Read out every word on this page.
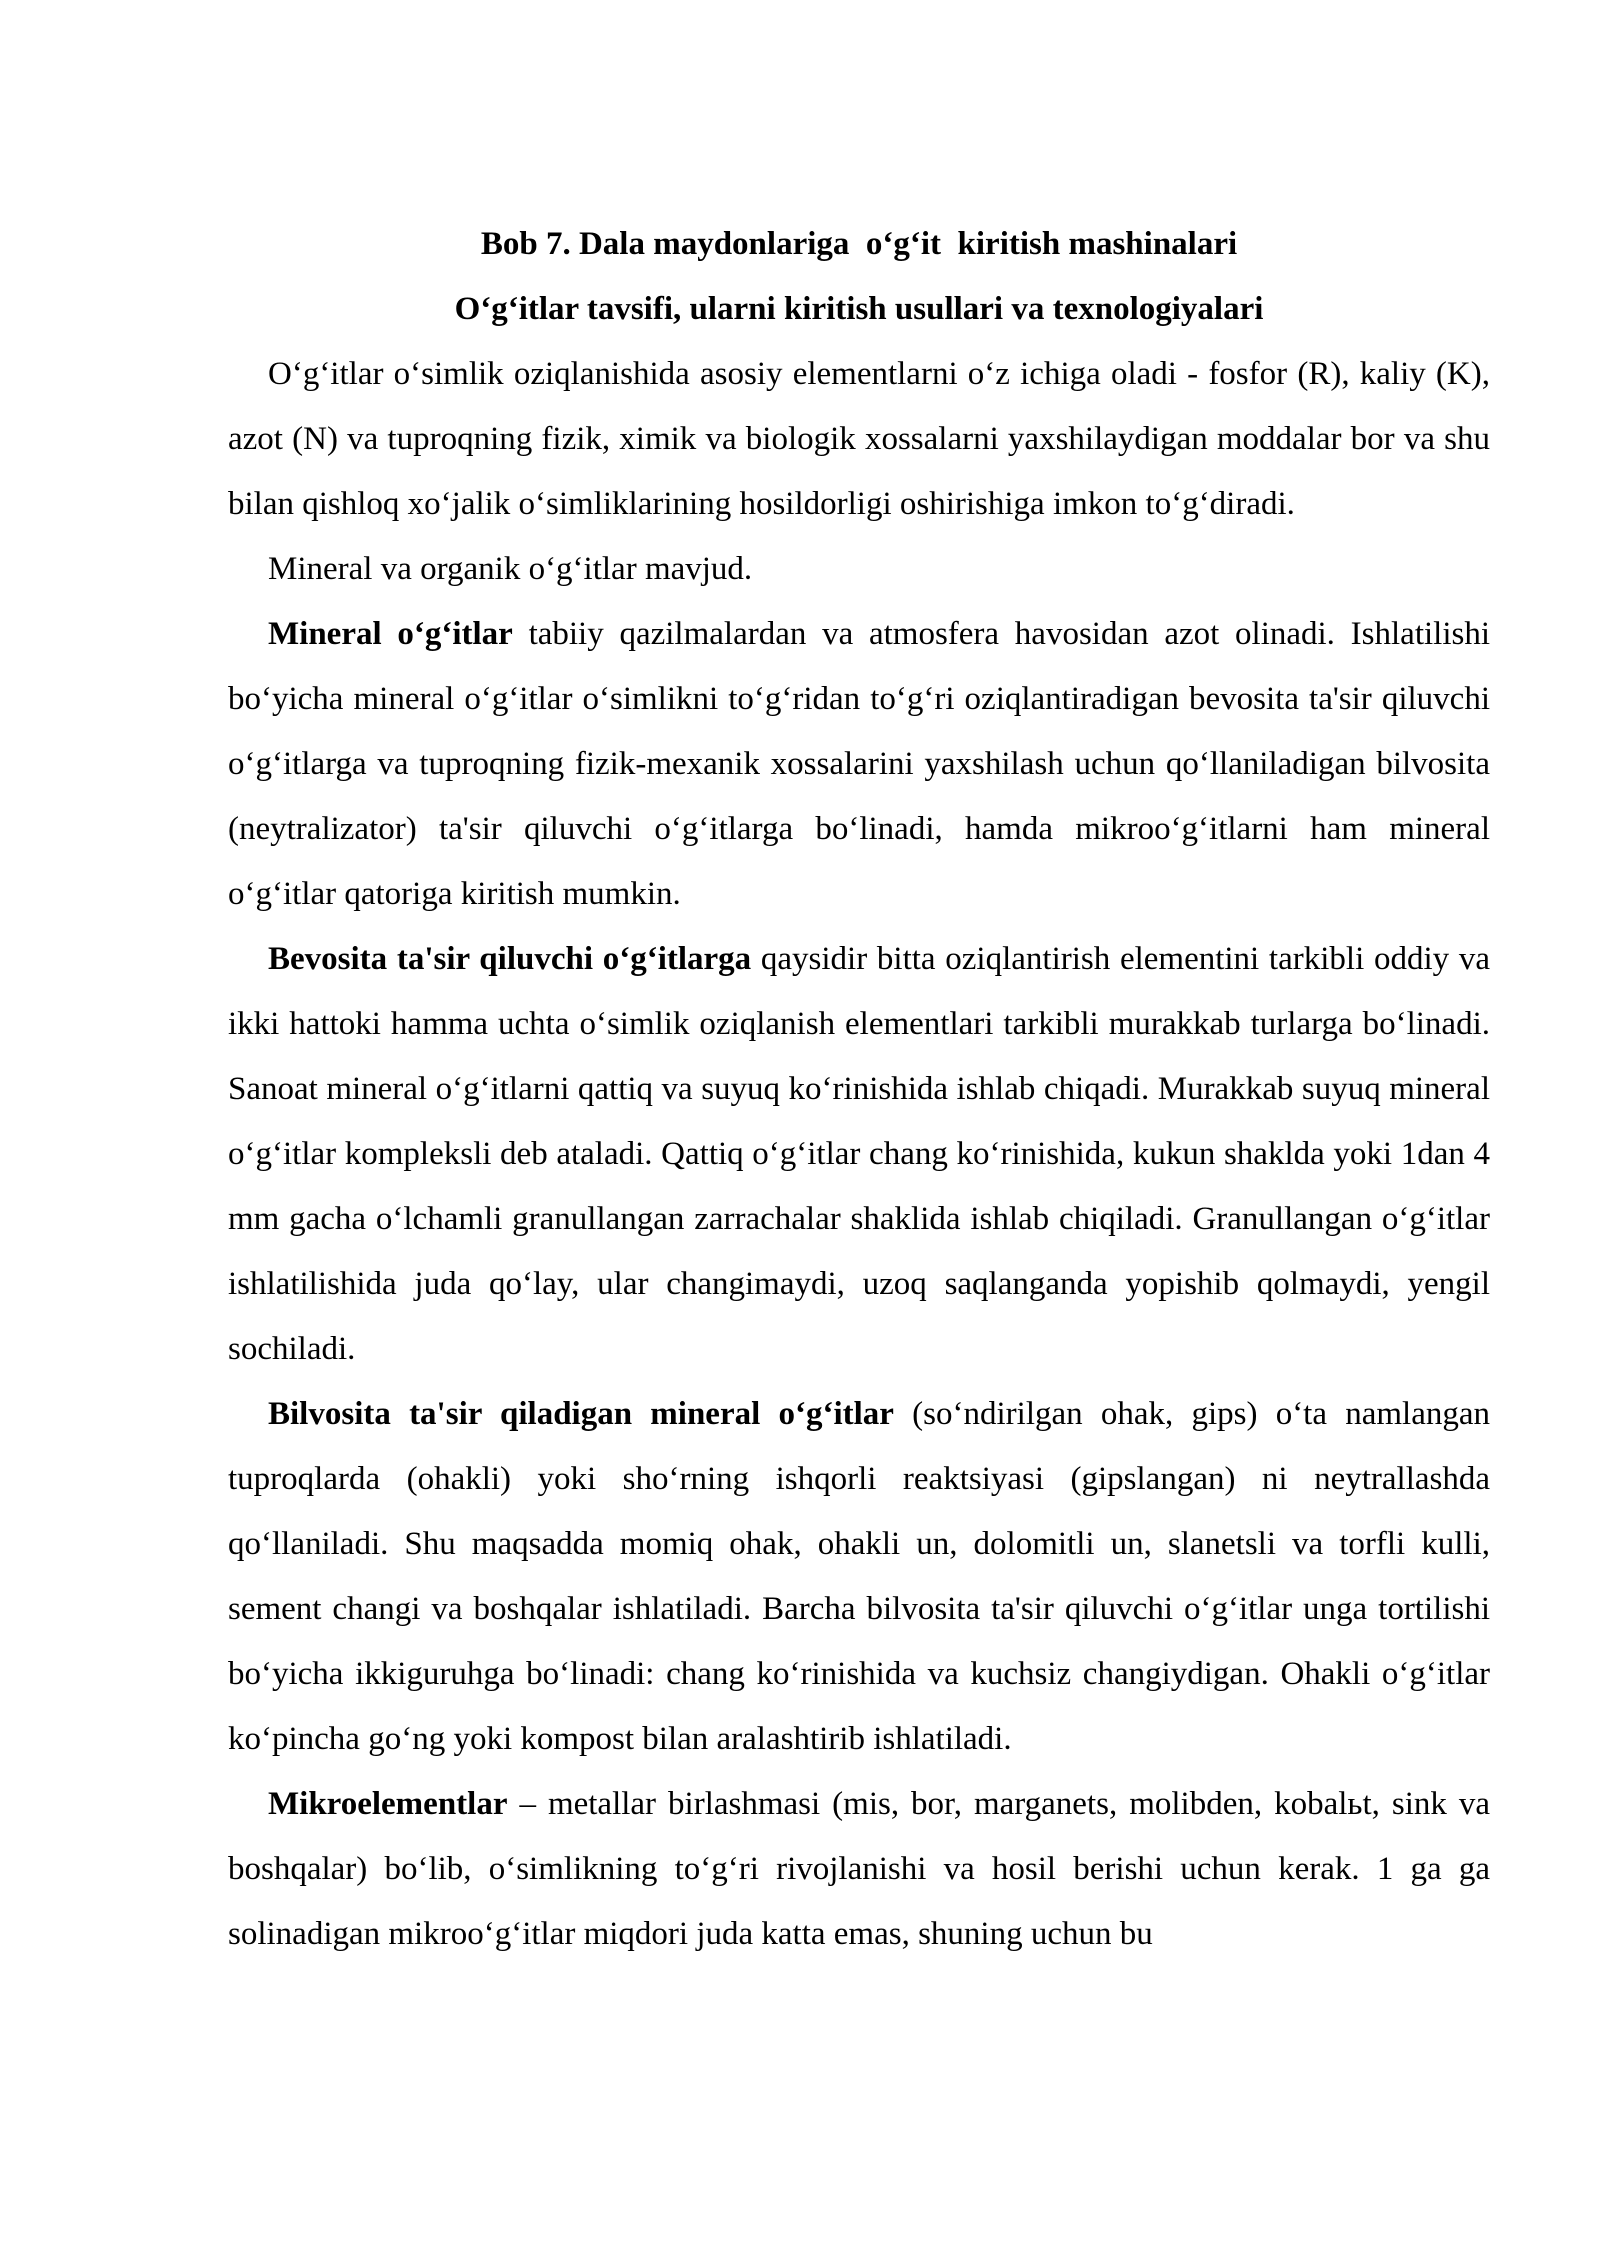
Bob 7. Dala maydonlariga  o‘g‘it  kiritish mashinalari

O‘g‘itlar tavsifi, ularni kiritish usullari va texnologiyalari

O‘g‘itlar o‘simlik oziqlanishida asosiy elementlarni o‘z ichiga oladi - fosfor (R), kaliy (K), azot (N) va tuproqning fizik, ximik va biologik xossalarni yaxshilaydigan moddalar bor va shu bilan qishloq xo‘jalik o‘simliklarining hosildorligi oshirishiga imkon to‘g‘diradi.

Mineral va organik o‘g‘itlar mavjud.

Mineral o‘g‘itlar tabiiy qazilmalardan va atmosfera havosidan azot olinadi. Ishlatilishi bo‘yicha mineral o‘g‘itlar o‘simlikni to‘g‘ridan to‘g‘ri oziqlantiradigan bevosita ta'sir qiluvchi o‘g‘itlarga va tuproqning fizik-mexanik xossalarini yaxshilash uchun qo‘llaniladigan bilvosita (neytralizator) ta'sir qiluvchi o‘g‘itlarga bo‘linadi, hamda mikroo‘g‘itlarni ham mineral o‘g‘itlar qatoriga kiritish mumkin.

Bevosita ta'sir qiluvchi o‘g‘itlarga qaysidir bitta oziqlantirish elementini tarkibli oddiy va ikki hattoki hamma uchta o‘simlik oziqlanish elementlari tarkibli murakkab turlarga bo‘linadi. Sanoat mineral o‘g‘itlarni qattiq va suyuq ko‘rinishida ishlab chiqadi. Murakkab suyuq mineral o‘g‘itlar kompleksli deb ataladi. Qattiq o‘g‘itlar chang ko‘rinishida, kukun shaklda yoki 1dan 4 mm gacha o‘lchamli granullangan zarrachalar shaklida ishlab chiqiladi. Granullangan o‘g‘itlar ishlatilishida juda qo‘lay, ular changimaydi, uzoq saqlanganda yopishib qolmaydi, yengil sochiladi.

Bilvosita ta'sir qiladigan mineral o‘g‘itlar (so‘ndirilgan ohak, gips) o‘ta namlangan tuproqlarda (ohakli) yoki sho‘rning ishqorli reaktsiyasi (gipslangan) ni neytrallashda qo‘llaniladi. Shu maqsadda momiq ohak, ohakli un, dolomitli un, slanetsli va torfli kulli, sement changi va boshqalar ishlatiladi. Barcha bilvosita ta'sir qiluvchi o‘g‘itlar unga tortilishi bo‘yicha ikkiguruhga bo‘linadi: chang ko‘rinishida va kuchsiz changiydigan. Ohakli o‘g‘itlar ko‘pincha go‘ng yoki kompost bilan aralashtirib ishlatiladi.

Mikroelementlar – metallar birlashmasi (mis, bor, marganets, molibden, kobalьt, sink va boshqalar) bo‘lib, o‘simlikning to‘g‘ri rivojlanishi va hosil berishi uchun kerak. 1 ga ga solinadigan mikroo‘g‘itlar miqdori juda katta emas, shuning uchun bu
